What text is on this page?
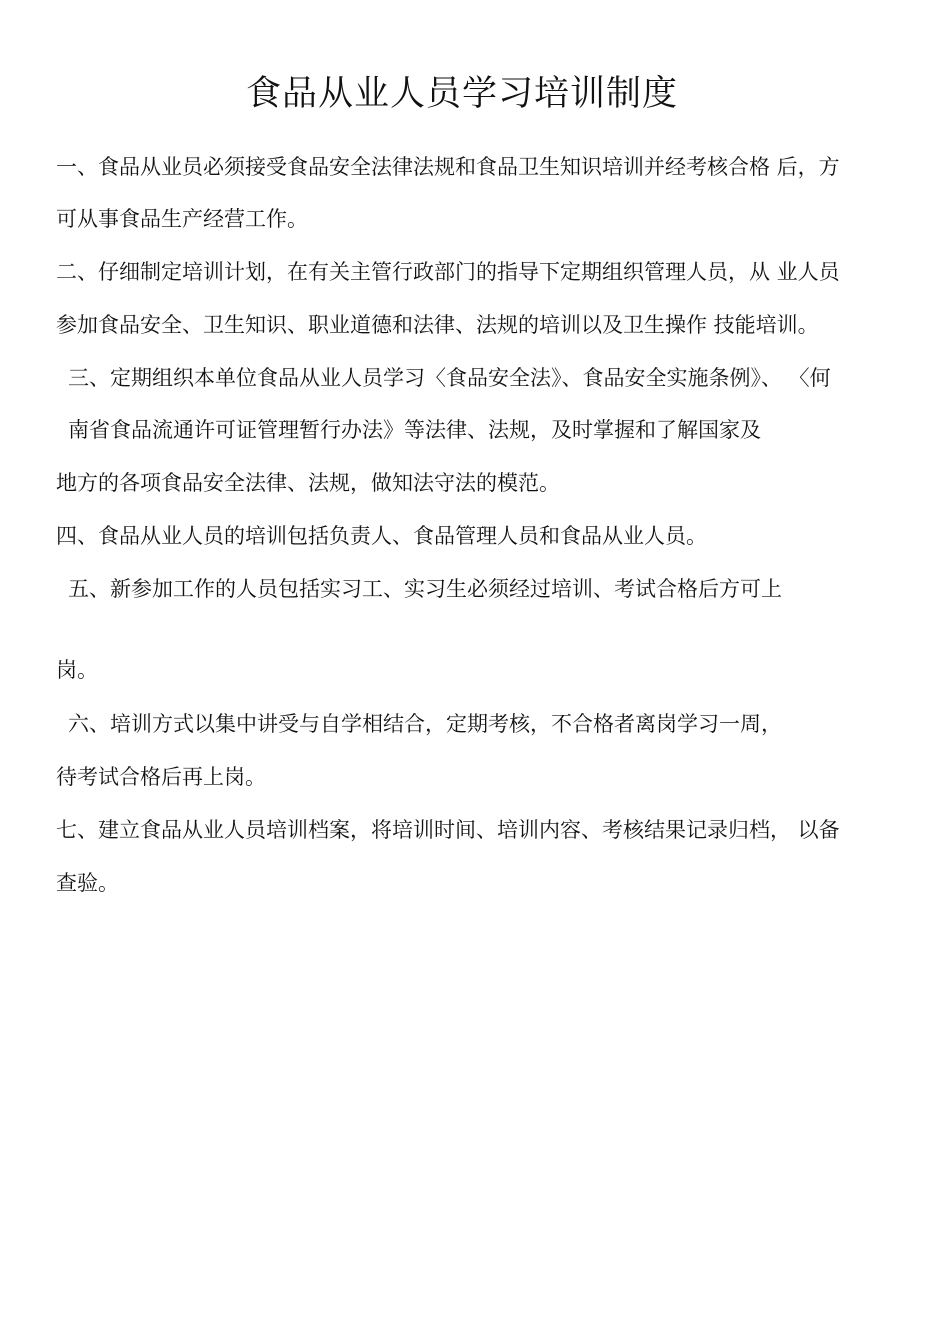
食品从业人员学习培训制度
一、食品从业员必须接受食品安全法律法规和食品卫生知识培训并经考核合格 后，方
可从事食品生产经营工作。
二、仔细制定培训计划，在有关主管行政部门的指导下定期组织管理人员，从 业人员
参加食品安全、卫生知识、职业道德和法律、法规的培训以及卫生操作 技能培训。
三、定期组织本单位食品从业人员学习〈食品安全法》、食品安全实施条例》、 〈何
南省食品流通许可证管理暂行办法》等法律、法规，及时掌握和了解国家及
地方的各项食品安全法律、法规，做知法守法的模范。
四、食品从业人员的培训包括负责人、食品管理人员和食品从业人员。
五、新参加工作的人员包括实习工、实习生必须经过培训、考试合格后方可上
岗。
六、培训方式以集中讲受与自学相结合，定期考核，不合格者离岗学习一周，
待考试合格后再上岗。
七、建立食品从业人员培训档案，将培训时间、培训内容、考核结果记录归档， 以备
查验。
